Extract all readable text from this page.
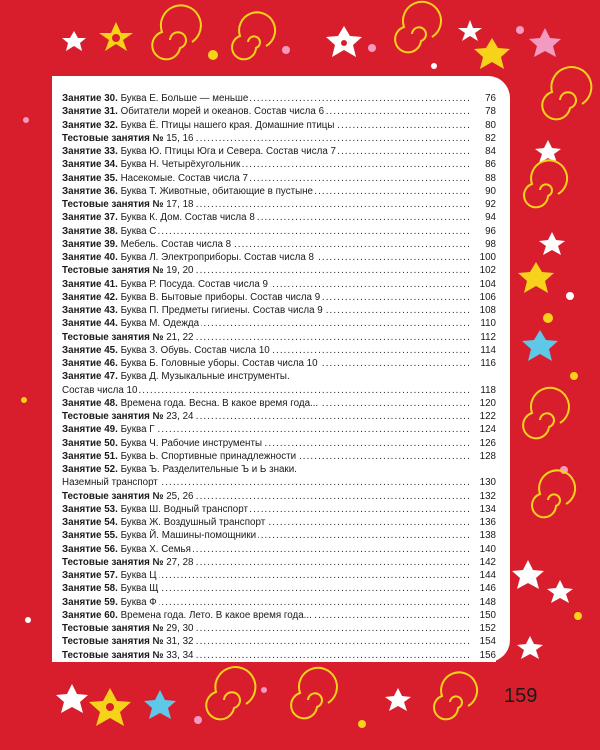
Занятие 30. Буква Е. Больше — меньше .....	76
Занятие 31. Обитатели морей и океанов. Состав числа 6 .....	78
Занятие 32. Буква Ё. Птицы нашего края. Домашние птицы .....	80
Тестовые занятия № 15, 16 .....	82
Занятие 33. Буква Ю. Птицы Юга и Севера. Состав числа 7 .....	84
Занятие 34. Буква Н. Четырёхугольник .....	86
Занятие 35. Насекомые. Состав числа 7 .....	88
Занятие 36. Буква Т. Животные, обитающие в пустыне .....	90
Тестовые занятия № 17, 18 .....	92
Занятие 37. Буква К. Дом. Состав числа 8 .....	94
Занятие 38. Буква С .....	96
Занятие 39. Мебель. Состав числа 8 .....	98
Занятие 40. Буква Л. Электроприборы. Состав числа 8 .....	100
Тестовые занятия № 19, 20 .....	102
Занятие 41. Буква Р. Посуда. Состав числа 9 .....	104
Занятие 42. Буква В. Бытовые приборы. Состав числа 9 .....	106
Занятие 43. Буква П. Предметы гигиены. Состав числа 9 .....	108
Занятие 44. Буква М. Одежда .....	110
Тестовые занятия № 21, 22 .....	112
Занятие 45. Буква З. Обувь. Состав числа 10 .....	114
Занятие 46. Буква Б. Головные уборы. Состав числа 10 .....	116
Занятие 47. Буква Д. Музыкальные инструменты.
Состав числа 10 .....	118
Занятие 48. Времена года. Весна. В какое время года... .....	120
Тестовые занятия № 23, 24 .....	122
Занятие 49. Буква Г .....	124
Занятие 50. Буква Ч. Рабочие инструменты .....	126
Занятие 51. Буква Ь. Спортивные принадлежности .....	128
Занятие 52. Буква Ъ. Разделительные Ъ и Ь знаки.
Наземный транспорт .....	130
Тестовые занятия № 25, 26 .....	132
Занятие 53. Буква Ш. Водный транспорт .....	134
Занятие 54. Буква Ж. Воздушный транспорт .....	136
Занятие 55. Буква Й. Машины-помощники .....	138
Занятие 56. Буква Х. Семья .....	140
Тестовые занятия № 27, 28 .....	142
Занятие 57. Буква Ц .....	144
Занятие 58. Буква Щ .....	146
Занятие 59. Буква Ф .....	148
Занятие 60. Времена года. Лето. В какое время года... .....	150
Тестовые занятия № 29, 30 .....	152
Тестовые занятия № 31, 32 .....	154
Тестовые занятия № 33, 34 .....	156
159
